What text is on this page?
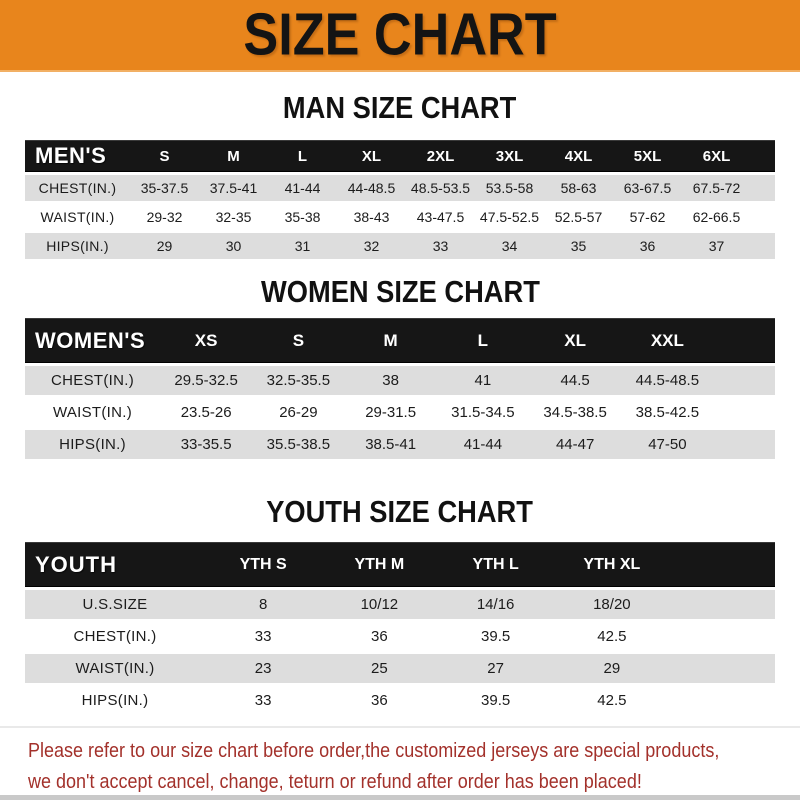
SIZE CHART
MAN SIZE CHART
MEN'S	S	M	L	XL	2XL	3XL	4XL	5XL	6XL	
CHEST(IN.)	35-37.5	37.5-41	41-44	44-48.5	48.5-53.5	53.5-58	58-63	63-67.5	67.5-72	
WAIST(IN.)	29-32	32-35	35-38	38-43	43-47.5	47.5-52.5	52.5-57	57-62	62-66.5	
HIPS(IN.)	29	30	31	32	33	34	35	36	37	
WOMEN SIZE CHART
WOMEN'S	XS	S	M	L	XL	XXL	
CHEST(IN.)	29.5-32.5	32.5-35.5	38	41	44.5	44.5-48.5	
WAIST(IN.)	23.5-26	26-29	29-31.5	31.5-34.5	34.5-38.5	38.5-42.5	
HIPS(IN.)	33-35.5	35.5-38.5	38.5-41	41-44	44-47	47-50	
YOUTH SIZE CHART
YOUTH	YTH S	YTH M	YTH L	YTH XL	
U.S.SIZE	8	10/12	14/16	18/20	
CHEST(IN.)	33	36	39.5	42.5	
WAIST(IN.)	23	25	27	29	
HIPS(IN.)	33	36	39.5	42.5	

Please refer to our size chart before order,the customized jerseys are special products,

we don't accept cancel, change, teturn or refund after order has been placed!
